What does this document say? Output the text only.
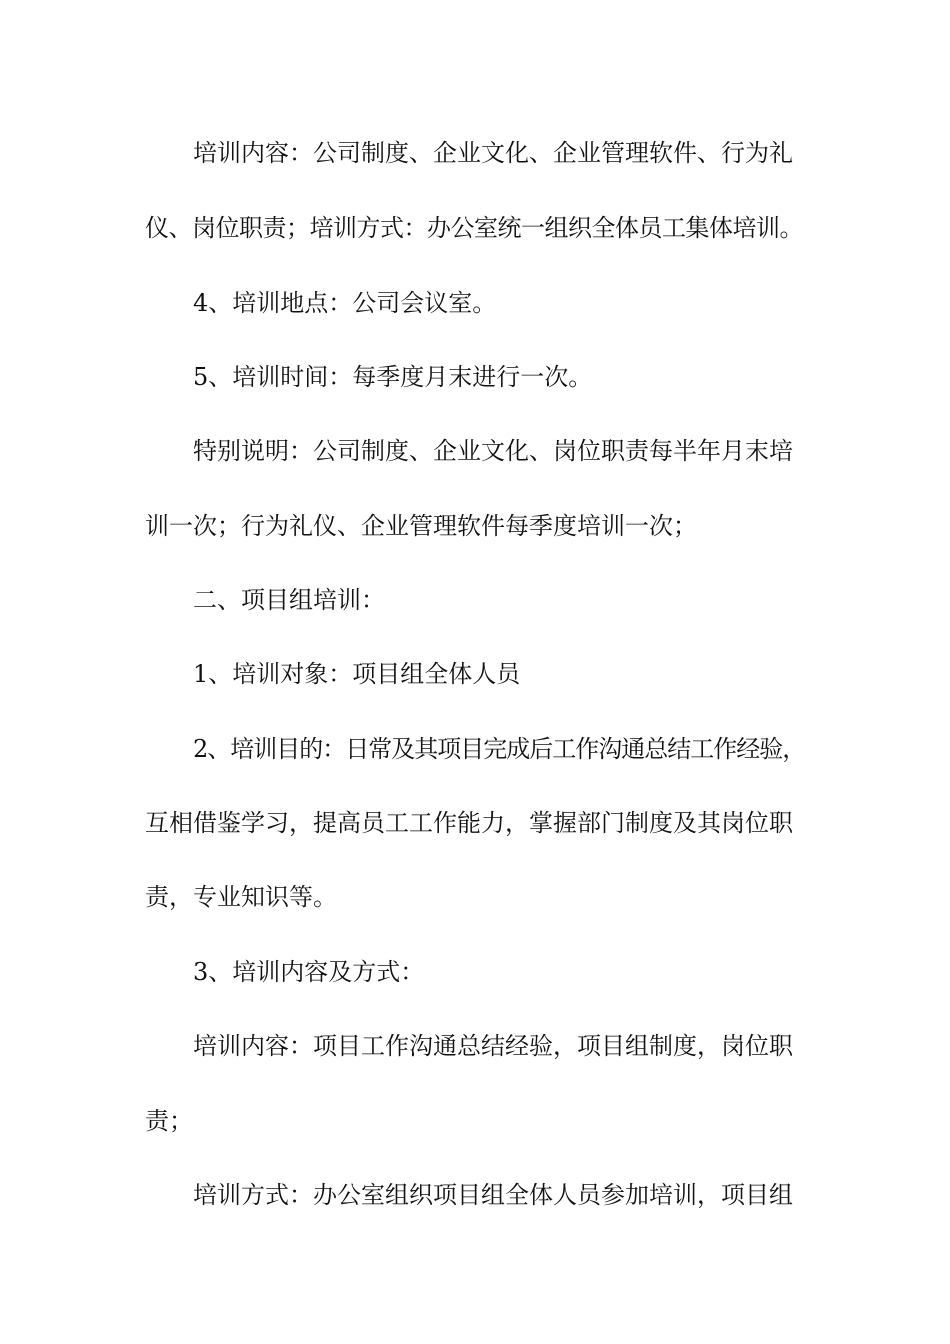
培训内容：公司制度、企业文化、企业管理软件、行为礼
仪、岗位职责；培训方式：办公室统一组织全体员工集体培训。
4、培训地点：公司会议室。
5、培训时间：每季度月末进行一次。
特别说明：公司制度、企业文化、岗位职责每半年月末培
训一次；行为礼仪、企业管理软件每季度培训一次；
二、项目组培训：
1、培训对象：项目组全体人员
2、培训目的：日常及其项目完成后工作沟通总结工作经验，
互相借鉴学习，提高员工工作能力，掌握部门制度及其岗位职
责，专业知识等。
3、培训内容及方式：
培训内容：项目工作沟通总结经验，项目组制度，岗位职
责；
培训方式：办公室组织项目组全体人员参加培训，项目组
